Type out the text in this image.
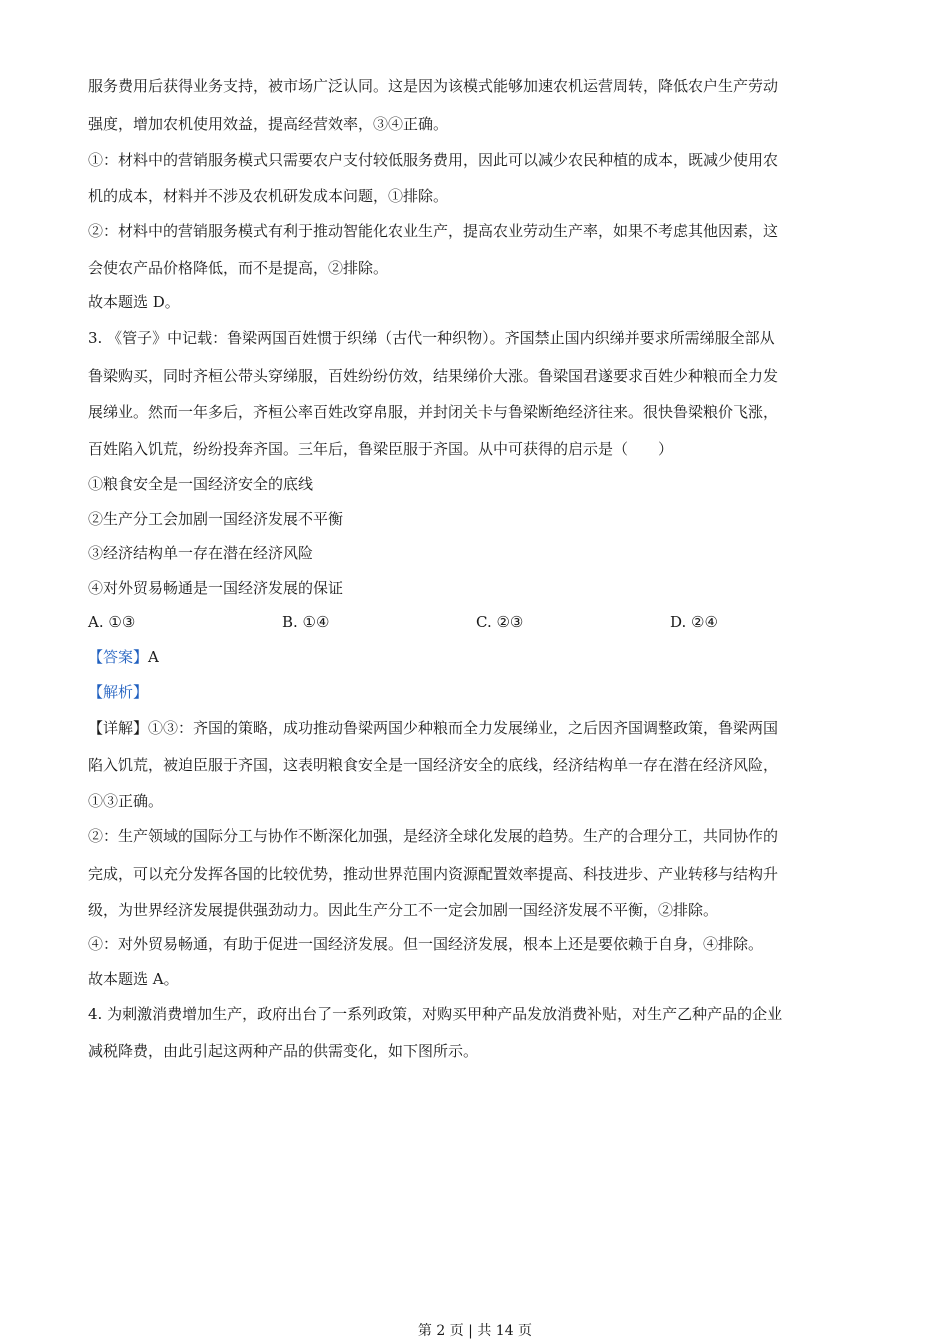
服务费用后获得业务支持，被市场广泛认同。这是因为该模式能够加速农机运营周转，降低农户生产劳动
强度，增加农机使用效益，提高经营效率，③④正确。
①：材料中的营销服务模式只需要农户支付较低服务费用，因此可以减少农民种植的成本，既减少使用农
机的成本，材料并不涉及农机研发成本问题，①排除。
②：材料中的营销服务模式有利于推动智能化农业生产，提高农业劳动生产率，如果不考虑其他因素，这
会使农产品价格降低，而不是提高，②排除。
故本题选 D。
3. 《管子》中记载：鲁梁两国百姓惯于织绨（古代一种织物）。齐国禁止国内织绨并要求所需绨服全部从
鲁梁购买，同时齐桓公带头穿绨服，百姓纷纷仿效，结果绨价大涨。鲁梁国君遂要求百姓少种粮而全力发
展绨业。然而一年多后，齐桓公率百姓改穿帛服，并封闭关卡与鲁梁断绝经济往来。很快鲁梁粮价飞涨，
百姓陷入饥荒，纷纷投奔齐国。三年后，鲁梁臣服于齐国。从中可获得的启示是（　　）
①粮食安全是一国经济安全的底线
②生产分工会加剧一国经济发展不平衡
③经济结构单一存在潜在经济风险
④对外贸易畅通是一国经济发展的保证
A. ①③	B. ①④	C. ②③	D. ②④
【答案】A
【解析】
【详解】①③：齐国的策略，成功推动鲁梁两国少种粮而全力发展绨业，之后因齐国调整政策，鲁梁两国
陷入饥荒，被迫臣服于齐国，这表明粮食安全是一国经济安全的底线，经济结构单一存在潜在经济风险，
①③正确。
②：生产领域的国际分工与协作不断深化加强，是经济全球化发展的趋势。生产的合理分工，共同协作的
完成，可以充分发挥各国的比较优势，推动世界范围内资源配置效率提高、科技进步、产业转移与结构升
级，为世界经济发展提供强劲动力。因此生产分工不一定会加剧一国经济发展不平衡，②排除。
④：对外贸易畅通，有助于促进一国经济发展。但一国经济发展，根本上还是要依赖于自身，④排除。
故本题选 A。
4. 为刺激消费增加生产，政府出台了一系列政策，对购买甲种产品发放消费补贴，对生产乙种产品的企业
减税降费，由此引起这两种产品的供需变化，如下图所示。
第 2 页 | 共 14 页
